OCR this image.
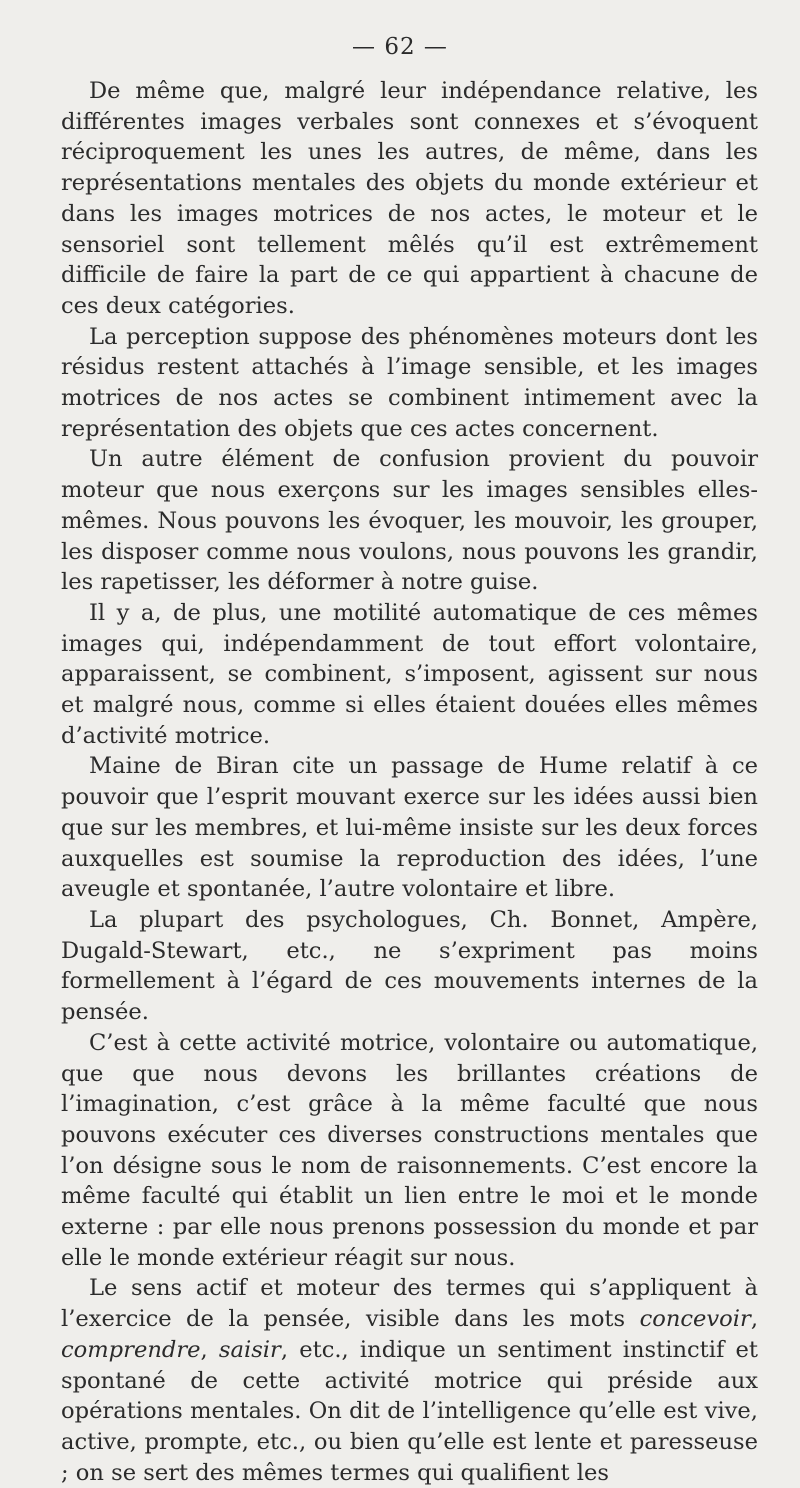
— 62 —

De même que, malgré leur indépendance relative, les différentes images verbales sont connexes et s’évoquent réciproquement les unes les autres, de même, dans les représentations mentales des objets du monde extérieur et dans les images motrices de nos actes, le moteur et le sensoriel sont tellement mêlés qu’il est extrêmement difficile de faire la part de ce qui appartient à chacune de ces deux catégories.

La perception suppose des phénomènes moteurs dont les résidus restent attachés à l’image sensible, et les images motrices de nos actes se combinent intimement avec la représentation des objets que ces actes concernent.

Un autre élément de confusion provient du pouvoir moteur que nous exerçons sur les images sensibles elles-mêmes. Nous pouvons les évoquer, les mouvoir, les grouper, les disposer comme nous voulons, nous pouvons les grandir, les rapetisser, les déformer à notre guise.

Il y a, de plus, une motilité automatique de ces mêmes images qui, indépendamment de tout effort volontaire, apparaissent, se combinent, s’imposent, agissent sur nous et malgré nous, comme si elles étaient douées elles mêmes d’activité motrice.

Maine de Biran cite un passage de Hume relatif à ce pouvoir que l’esprit mouvant exerce sur les idées aussi bien que sur les membres, et lui-même insiste sur les deux forces auxquelles est soumise la reproduction des idées, l’une aveugle et spontanée, l’autre volontaire et libre.

La plupart des psychologues, Ch. Bonnet, Ampère, Dugald-Stewart, etc., ne s’expriment pas moins formellement à l’égard de ces mouvements internes de la pensée.

C’est à cette activité motrice, volontaire ou automatique, que que nous devons les brillantes créations de l’imagination, c’est grâce à la même faculté que nous pouvons exécuter ces diverses constructions mentales que l’on désigne sous le nom de raisonnements. C’est encore la même faculté qui établit un lien entre le moi et le monde externe : par elle nous prenons possession du monde et par elle le monde extérieur réagit sur nous.

Le sens actif et moteur des termes qui s’appliquent à l’exercice de la pensée, visible dans les mots concevoir, comprendre, saisir, etc., indique un sentiment instinctif et spontané de cette activité motrice qui préside aux opérations mentales. On dit de l’intelligence qu’elle est vive, active, prompte, etc., ou bien qu’elle est lente et paresseuse ; on se sert des mêmes termes qui qualifient les
